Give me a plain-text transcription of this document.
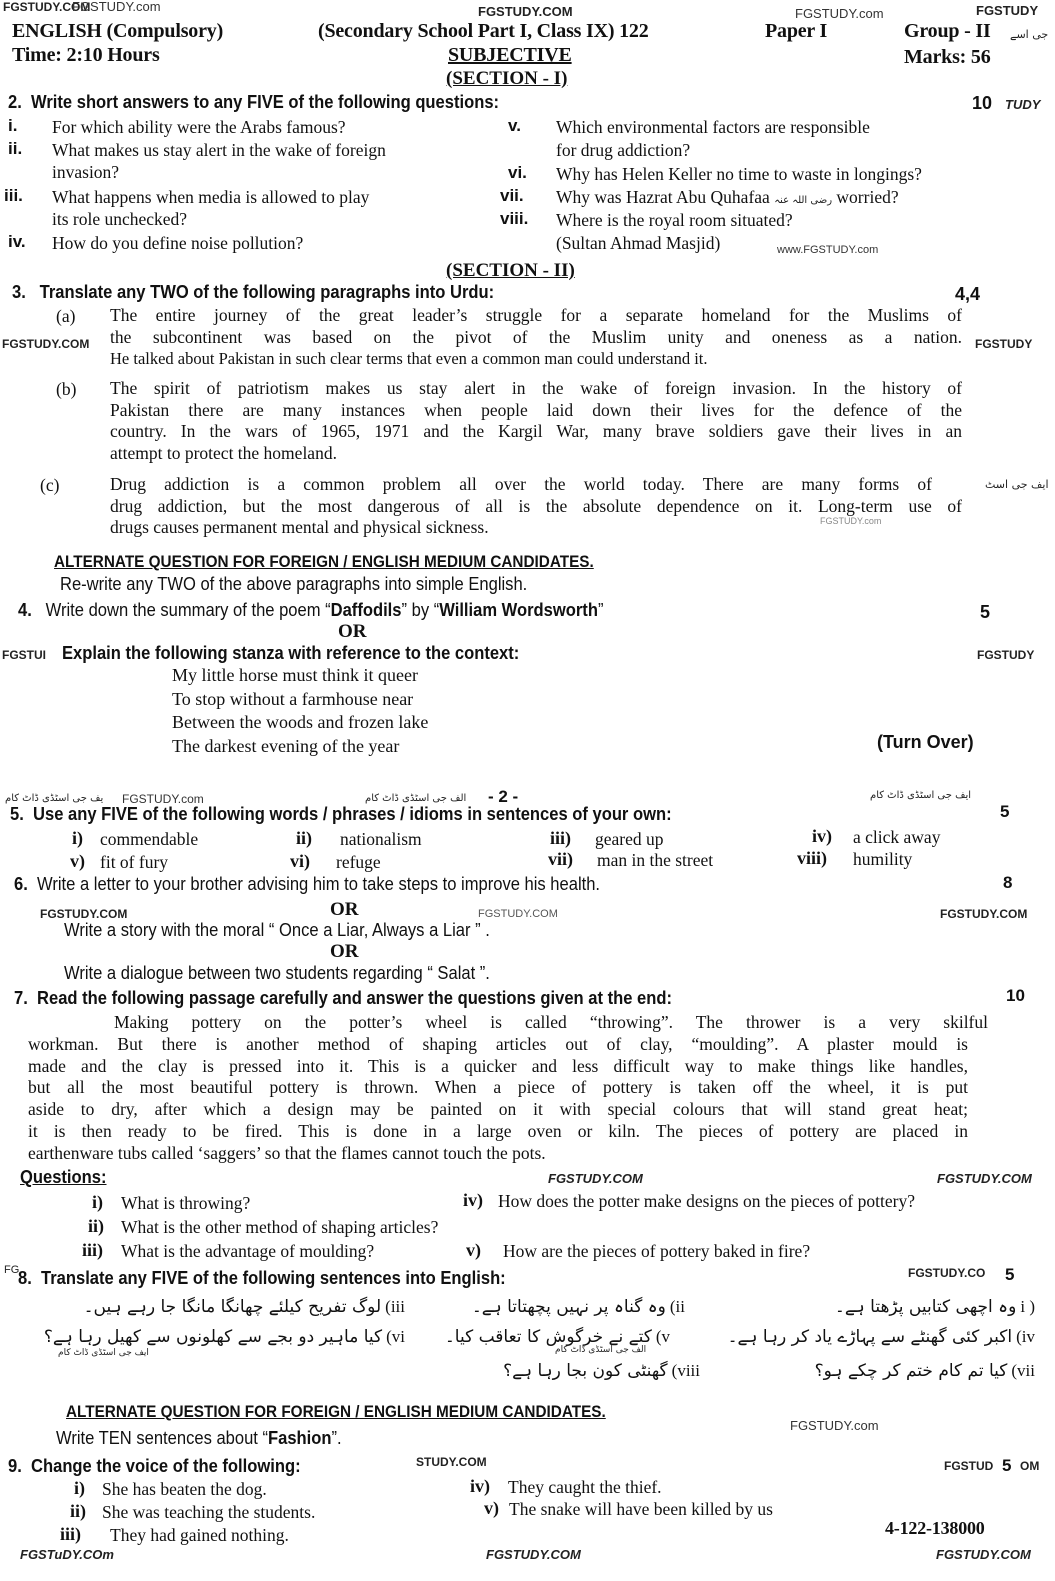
FGSTUDY.COM
FGSTUDY.com	FGSTUDY.COM	FGSTUDY.com	FGSTUDY
ENGLISH (Compulsory)	(Secondary School Part I, Class IX) 122	Paper I	Group - II جی اسے
Time: 2:10 Hours	SUBJECTIVE	Marks: 56
(SECTION - I)
2. Write short answers to any FIVE of the following questions:	10 TUDY
i. For which ability were the Arabs famous?
ii. What makes us stay alert in the wake of foreign
invasion?
iii. What happens when media is allowed to play
its role unchecked?
iv. How do you define noise pollution?
v. Which environmental factors are responsible
for drug addiction?
vi. Why has Helen Keller no time to waste in longings?
vii. Why was Hazrat Abu Quhafaa رضی اللہ عنہ worried?
viii. Where is the royal room situated?
(Sultan Ahmad Masjid)	www.FGSTUDY.com
(SECTION - II)
3. Translate any TWO of the following paragraphs into Urdu:	4,4
(a) The entire journey of the great leader’s struggle for a separate homeland for the Muslims of
the subcontinent was based on the pivot of the Muslim unity and oneness as a nation.
He talked about Pakistan in such clear terms that even a common man could understand it.
FGSTUDY.COM	FGSTUDY
(b) The spirit of patriotism makes us stay alert in the wake of foreign invasion. In the history of
Pakistan there are many instances when people laid down their lives for the defence of the
country. In the wars of 1965, 1971 and the Kargil War, many brave soldiers gave their lives in an
attempt to protect the homeland.
(c)	Drug addiction is a common problem all over the world today. There are many forms of
drug addiction, but the most dangerous of all is the absolute dependence on it. Long-term use of
drugs causes permanent mental and physical sickness.
ایف جی اسٹ
FGSTUDY.com
ALTERNATE QUESTION FOR FOREIGN / ENGLISH MEDIUM CANDIDATES.
Re-write any TWO of the above paragraphs into simple English.
4. Write down the summary of the poem “Daffodils” by “William Wordsworth”	5
OR
FGSTUI Explain the following stanza with reference to the context:	FGSTUDY
My little horse must think it queer
To stop without a farmhouse near
Between the woods and frozen lake
The darkest evening of the year	(Turn Over)
یف جی اسٹڈی ڈاٹ کام FGSTUDY.com	الف جی اسٹڈی ڈاٹ کام - 2 -	ایف جی اسٹڈی ڈاٹ کام
5. Use any FIVE of the following words / phrases / idioms in sentences of your own:	5
i) commendable	ii) nationalism	iii) geared up	iv) a click away
v) fit of fury	vi) refuge	vii) man in the street	viii) humility
6. Write a letter to your brother advising him to take steps to improve his health.	8
FGSTUDY.COM	OR	FGSTUDY.COM	FGSTUDY.COM
Write a story with the moral “ Once a Liar, Always a Liar ” .
OR
Write a dialogue between two students regarding “ Salat ”.
7. Read the following passage carefully and answer the questions given at the end:	10
Making pottery on the potter’s wheel is called “throwing”. The thrower is a very skilful
workman. But there is another method of shaping articles out of clay, “moulding”. A plaster mould is
made and the clay is pressed into it. This is a quicker and less difficult way to make things like handles,
but all the most beautiful pottery is thrown. When a piece of pottery is taken off the wheel, it is put
aside to dry, after which a design may be painted on it with special colours that will stand great heat;
it is then ready to be fired. This is done in a large oven or kiln. The pieces of pottery are placed in
earthenware tubs called ‘saggers’ so that the flames cannot touch the pots.
Questions:	FGSTUDY.COM	FGSTUDY.COM
i) What is throwing?	iv) How does the potter make designs on the pieces of pottery?
ii) What is the other method of shaping articles?
iii) What is the advantage of moulding?	v) How are the pieces of pottery baked in fire?
FG
8. Translate any FIVE of the following sentences into English:	FGSTUDY.CO 5
i ) وہ اچھی کتابیں پڑھتا ہے۔
(ii وہ گناہ پر نہیں پچھتاتا ہے۔
(iii لوگ تفریح کیلئے چھانگا مانگا جا رہے ہیں۔
(iv اکبر کئی گھنٹے سے پہاڑے یاد کر رہا ہے۔
(v کتے نے خرگوش کا تعاقب کیا۔
(vi کیا ماہیر دو بجے سے کھلونوں سے کھیل رہا ہے؟
ایف جی اسٹڈی ڈاٹ کام	الف جی اسٹڈی ڈاٹ کام
(vii کیا تم کام ختم کر چکے ہو؟
(viii گھنٹی کون بجا رہا ہے؟
ALTERNATE QUESTION FOR FOREIGN / ENGLISH MEDIUM CANDIDATES.
FGSTUDY.com
Write TEN sentences about “Fashion”.
9. Change the voice of the following:	STUDY.COM	FGSTUD 5 OM
i) She has beaten the dog.
ii) She was teaching the students.
iii) They had gained nothing.
iv) They caught the thief.
v) The snake will have been killed by us
4-122-138000
FGSTuDY.COm	FGSTUDY.COM	FGSTUDY.COM
